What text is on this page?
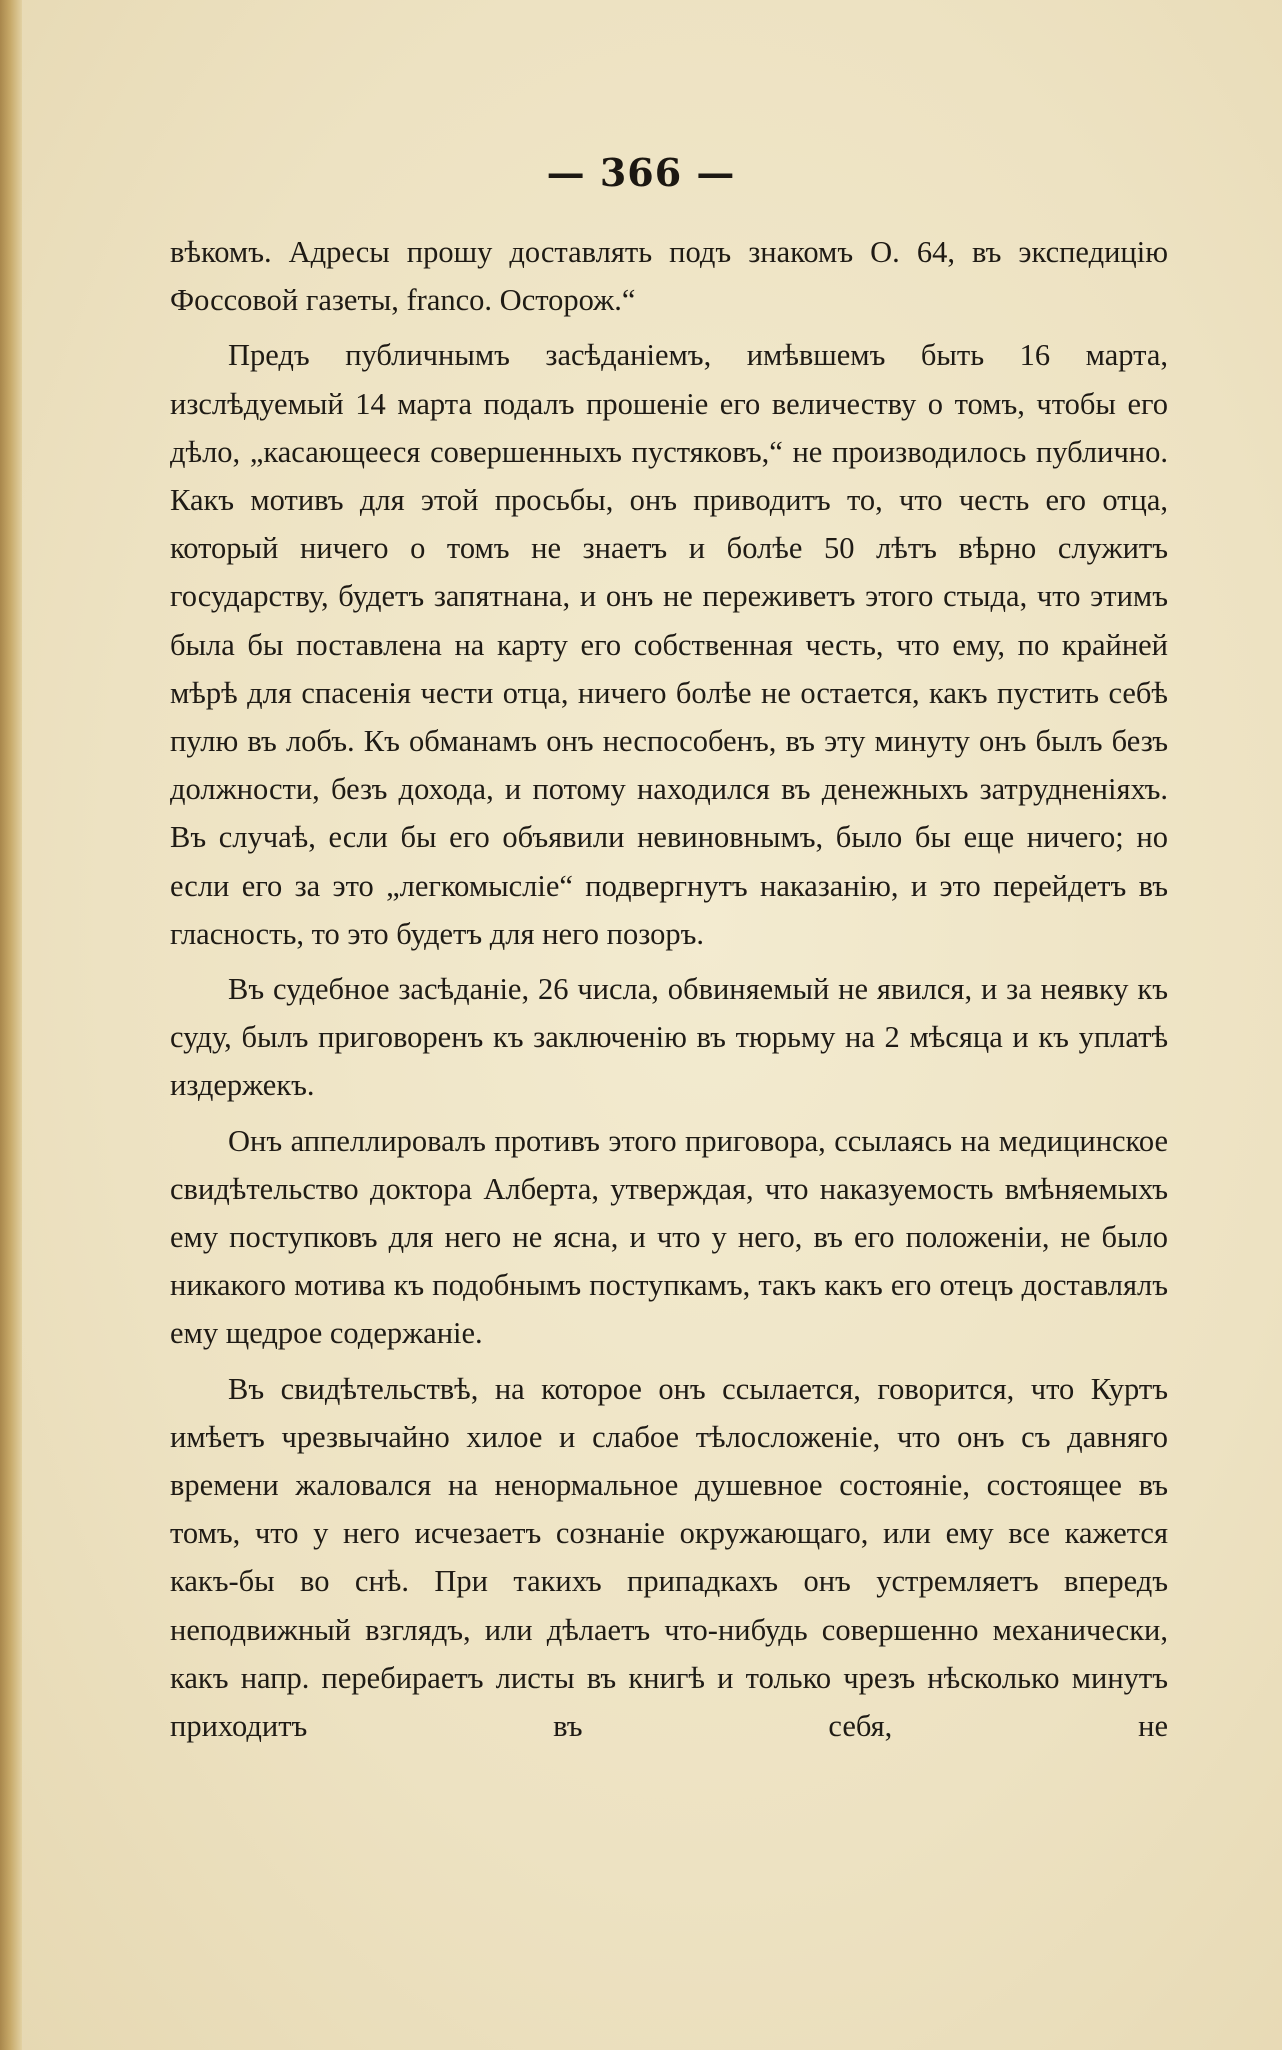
— 366 —

вѣкомъ. Адресы прошу доставлять подъ знакомъ О. 64, въ экспедицію Фоссовой газеты, franco. Осторож.“

Предъ публичнымъ засѣданіемъ, имѣвшемъ быть 16 марта, изслѣдуемый 14 марта подалъ прошеніе его величеству о томъ, чтобы его дѣло, „касающееся совершенныхъ пустяковъ,“ не производилось публично. Какъ мотивъ для этой просьбы, онъ приводитъ то, что честь его отца, который ничего о томъ не знаетъ и болѣе 50 лѣтъ вѣрно служитъ государству, будетъ запятнана, и онъ не переживетъ этого стыда, что этимъ была бы поставлена на карту его собственная честь, что ему, по крайней мѣрѣ для спасенія чести отца, ничего болѣе не остается, какъ пустить себѣ пулю въ лобъ. Къ обманамъ онъ неспособенъ, въ эту минуту онъ былъ безъ должности, безъ дохода, и потому находился въ денежныхъ затрудненіяхъ. Въ случаѣ, если бы его объявили невиновнымъ, было бы еще ничего; но если его за это „легкомысліе“ подвергнутъ наказанію, и это перейдетъ въ гласность, то это будетъ для него позоръ.

Въ судебное засѣданіе, 26 числа, обвиняемый не явился, и за неявку къ суду, былъ приговоренъ къ заключенію въ тюрьму на 2 мѣсяца и къ уплатѣ издержекъ.

Онъ аппеллировалъ противъ этого приговора, ссылаясь на медицинское свидѣтельство доктора Алберта, утверждая, что наказуемость вмѣняемыхъ ему поступковъ для него не ясна, и что у него, въ его положеніи, не было никакого мотива къ подобнымъ поступкамъ, такъ какъ его отецъ доставлялъ ему щедрое содержаніе.

Въ свидѣтельствѣ, на которое онъ ссылается, говорится, что Куртъ имѣетъ чрезвычайно хилое и слабое тѣлосложеніе, что онъ съ давняго времени жаловался на ненормальное душевное состояніе, состоящее въ томъ, что у него исчезаетъ сознаніе окружающаго, или ему все кажется какъ-бы во снѣ. При такихъ припадкахъ онъ устремляетъ впередъ неподвижный взглядъ, или дѣлаетъ что-нибудь совершенно механически, какъ напр. перебираетъ листы въ книгѣ и только чрезъ нѣсколько минутъ приходитъ въ себя, не
